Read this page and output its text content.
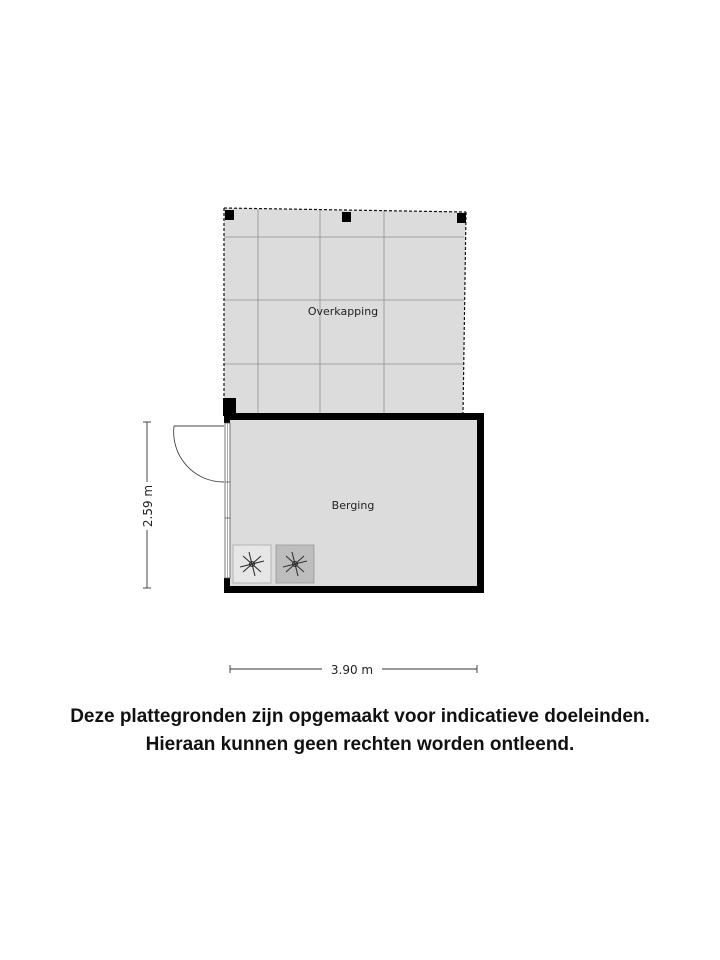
Overkapping
Berging
2.59 m
3.90 m
Deze plattegronden zijn opgemaakt voor indicatieve doeleinden.
Hieraan kunnen geen rechten worden ontleend.
